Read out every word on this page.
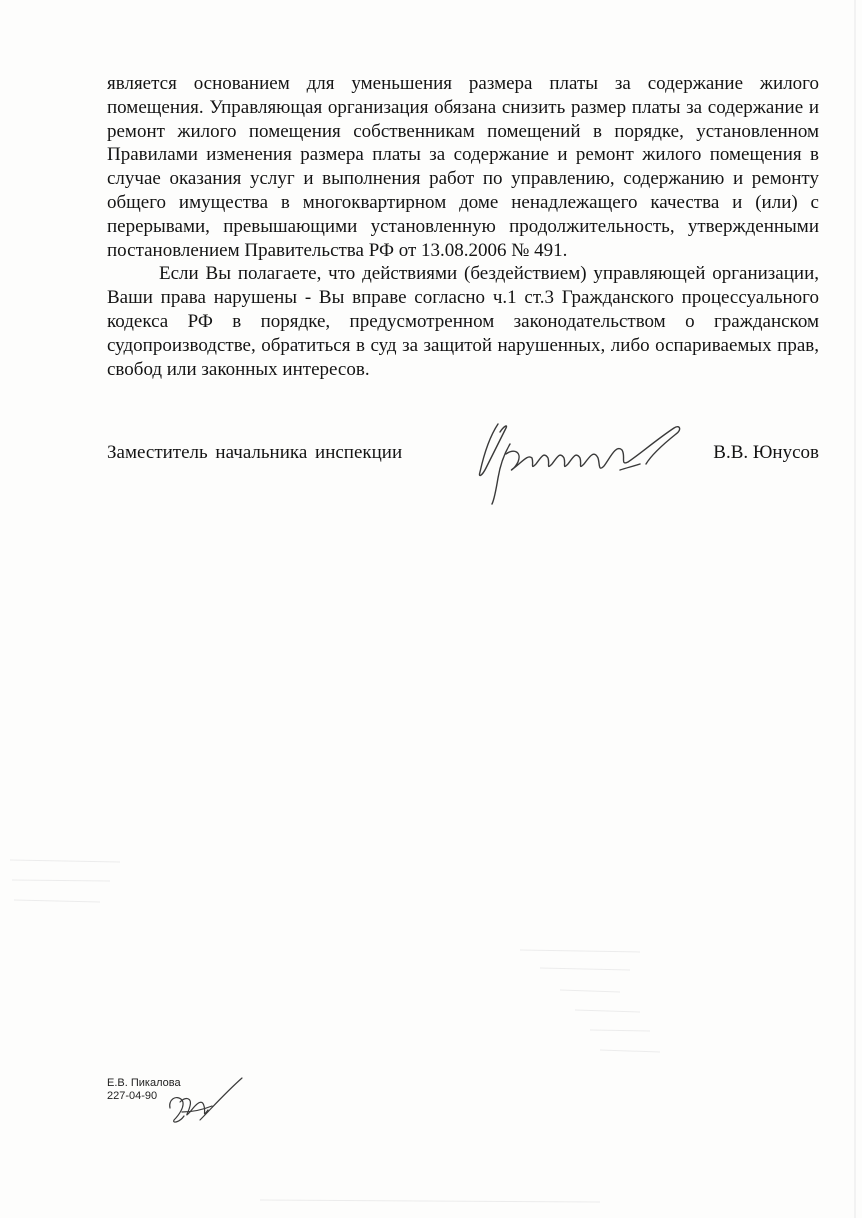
является основанием для уменьшения размера платы за содержание жилого помещения. Управляющая организация обязана снизить размер платы за содержание и ремонт жилого помещения собственникам помещений в порядке, установленном Правилами изменения размера платы за содержание и ремонт жилого помещения в случае оказания услуг и выполнения работ по управлению, содержанию и ремонту общего имущества в многоквартирном доме ненадлежащего качества и (или) с перерывами, превышающими установленную продолжительность, утвержденными постановлением Правительства РФ от 13.08.2006 № 491.

Если Вы полагаете, что действиями (бездействием) управляющей организации, Ваши права нарушены - Вы вправе согласно ч.1 ст.3 Гражданского процессуального кодекса РФ в порядке, предусмотренном законодательством о гражданском судопроизводстве, обратиться в суд за защитой нарушенных, либо оспариваемых прав, свобод или законных интересов.

Заместитель начальника инспекции	В.В. Юнусов
Е.В. Пикалова
227-04-90
